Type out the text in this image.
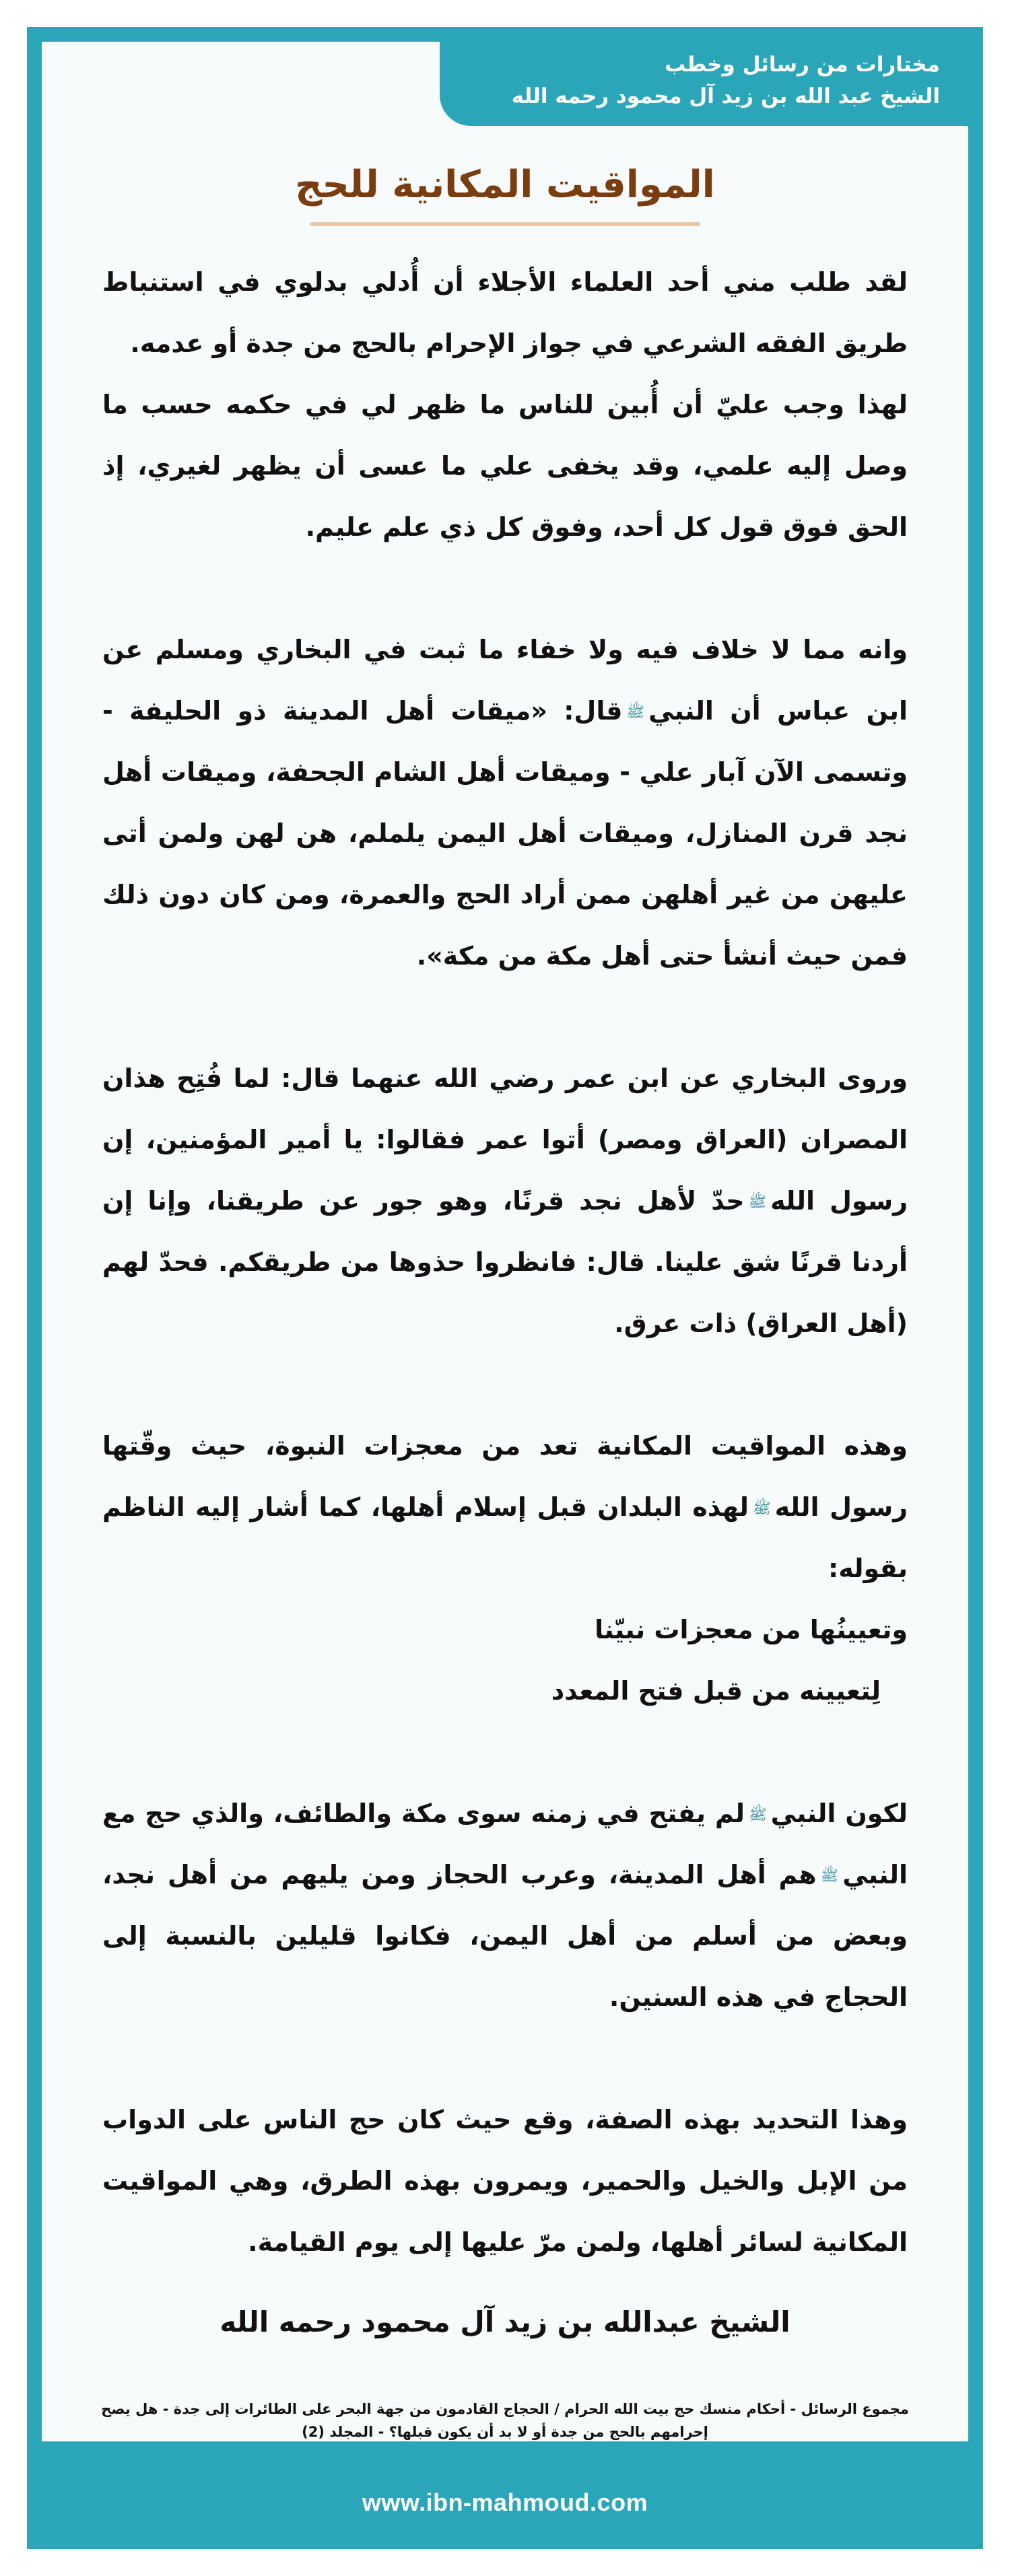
مختارات من رسائل وخطب
الشيخ عبد الله بن زيد آل محمود رحمه الله
المواقيت المكانية للحج

لقد طلب مني أحد العلماء الأجلاء أن أُدلي بدلوي في استنباط طريق الفقه الشرعي في جواز الإحرام بالحج من جدة أو عدمه.

لهذا وجب عليّ أن أُبين للناس ما ظهر لي في حكمه حسب ما وصل إليه علمي، وقد يخفى علي ما عسى أن يظهر لغيري، إذ الحق فوق قول كل أحد، وفوق كل ذي علم عليم.

وانه مما لا خلاف فيه ولا خفاء ما ثبت في البخاري ومسلم عن ابن عباس أن النبيﷺقال: «ميقات أهل المدينة ذو الحليفة - وتسمى الآن آبار علي - وميقات أهل الشام الجحفة، وميقات أهل نجد قرن المنازل، وميقات أهل اليمن يلملم، هن لهن ولمن أتى عليهن من غير أهلهن ممن أراد الحج والعمرة، ومن كان دون ذلك فمن حيث أنشأ حتى أهل مكة من مكة».

وروى البخاري عن ابن عمر رضي الله عنهما قال: لما فُتِح هذان المصران (العراق ومصر) أتوا عمر فقالوا: يا أمير المؤمنين، إن رسول اللهﷺحدّ لأهل نجد قرنًا، وهو جور عن طريقنا، وإنا إن أردنا قرنًا شق علينا. قال: فانظروا حذوها من طريقكم. فحدّ لهم (أهل العراق) ذات عرق.

وهذه المواقيت المكانية تعد من معجزات النبوة، حيث وقّتها رسول اللهﷺلهذه البلدان قبل إسلام أهلها، كما أشار إليه الناظم بقوله:

وتعيينُها من معجزات نبيّنا

لِتعيينه من قبل فتح المعدد

لكون النبيﷺلم يفتح في زمنه سوى مكة والطائف، والذي حج مع النبيﷺهم أهل المدينة، وعرب الحجاز ومن يليهم من أهل نجد، وبعض من أسلم من أهل اليمن، فكانوا قليلين بالنسبة إلى الحجاج في هذه السنين.

وهذا التحديد بهذه الصفة، وقع حيث كان حج الناس على الدواب من الإبل والخيل والحمير، ويمرون بهذه الطرق، وهي المواقيت المكانية لسائر أهلها، ولمن مرّ عليها إلى يوم القيامة.

الشيخ عبدالله بن زيد آل محمود رحمه الله
مجموع الرسائل - أحكام منسك حج بيت الله الحرام / الحجاج القادمون من جهة البحر على الطائرات إلى جدة - هل يصح إحرامهم بالحج من جدة أو لا بد أن يكون قبلها؟ - المجلد (2)
www.ibn-mahmoud.com
